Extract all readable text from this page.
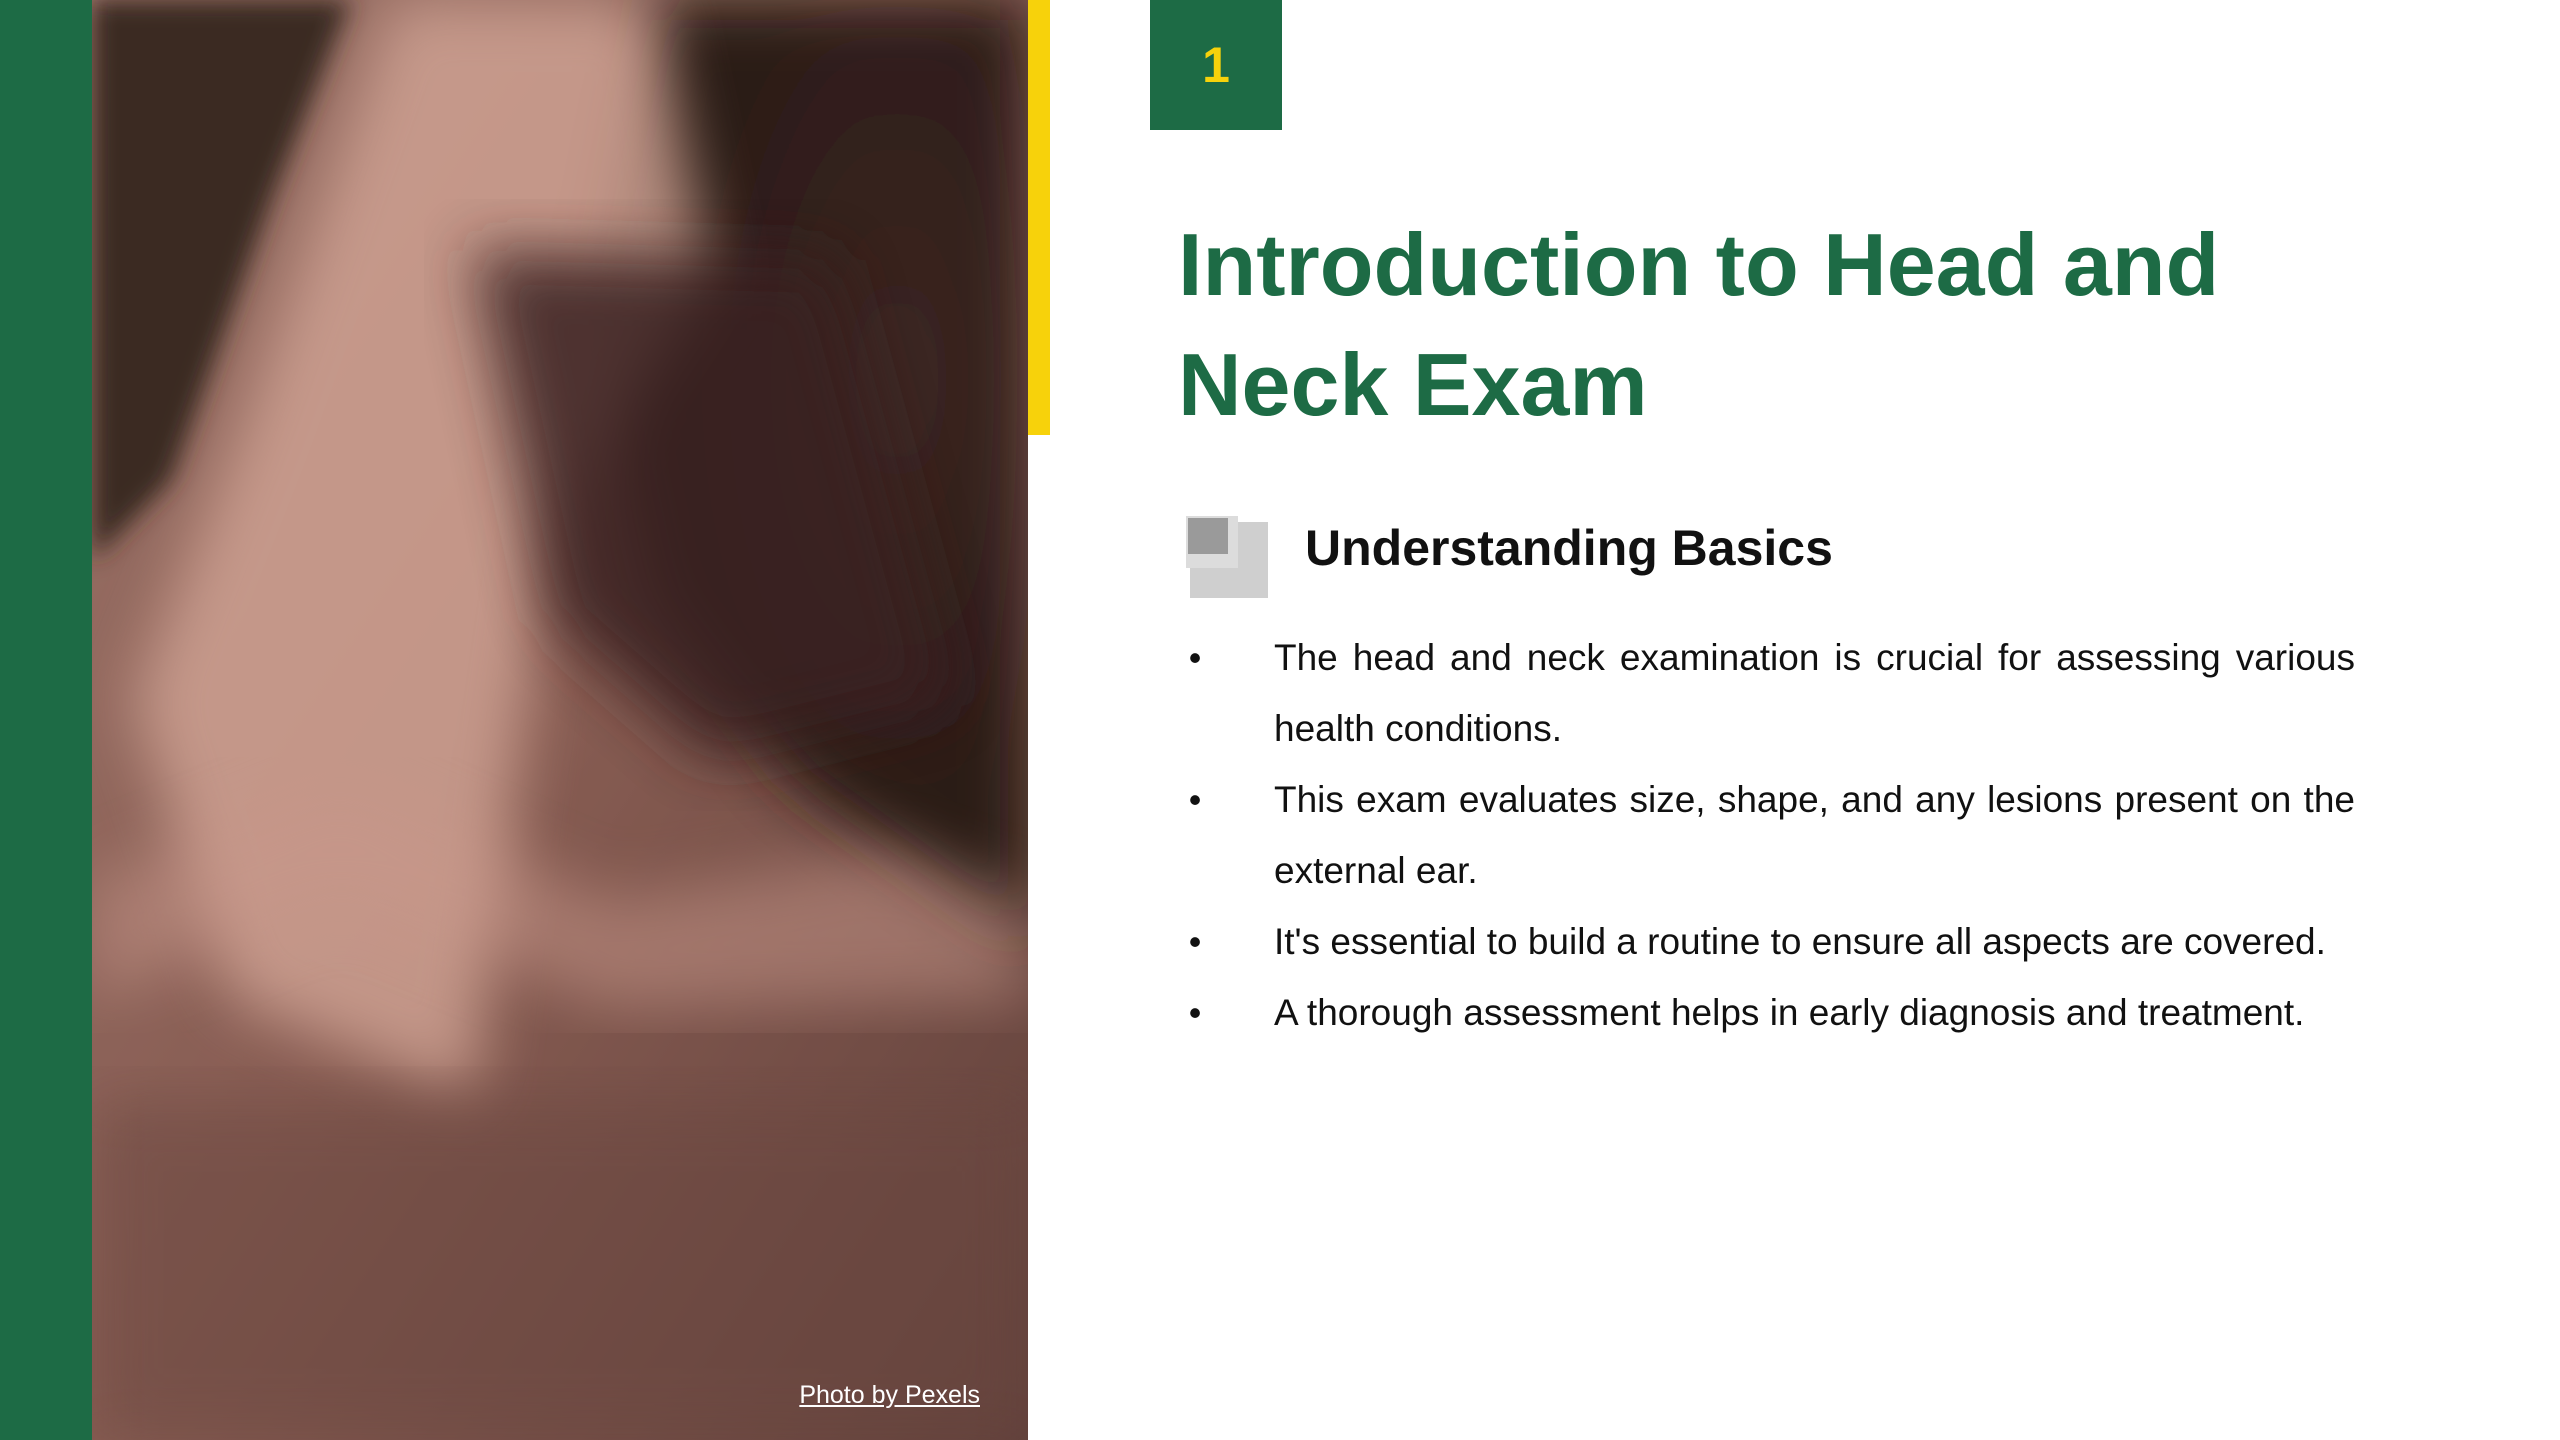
Photo by Pexels
1
Introduction to Head and Neck Exam
Understanding Basics
• The head and neck examination is crucial for assessing various health conditions.
• This exam evaluates size, shape, and any lesions present on the external ear.
• It's essential to build a routine to ensure all aspects are covered.
• A thorough assessment helps in early diagnosis and treatment.
